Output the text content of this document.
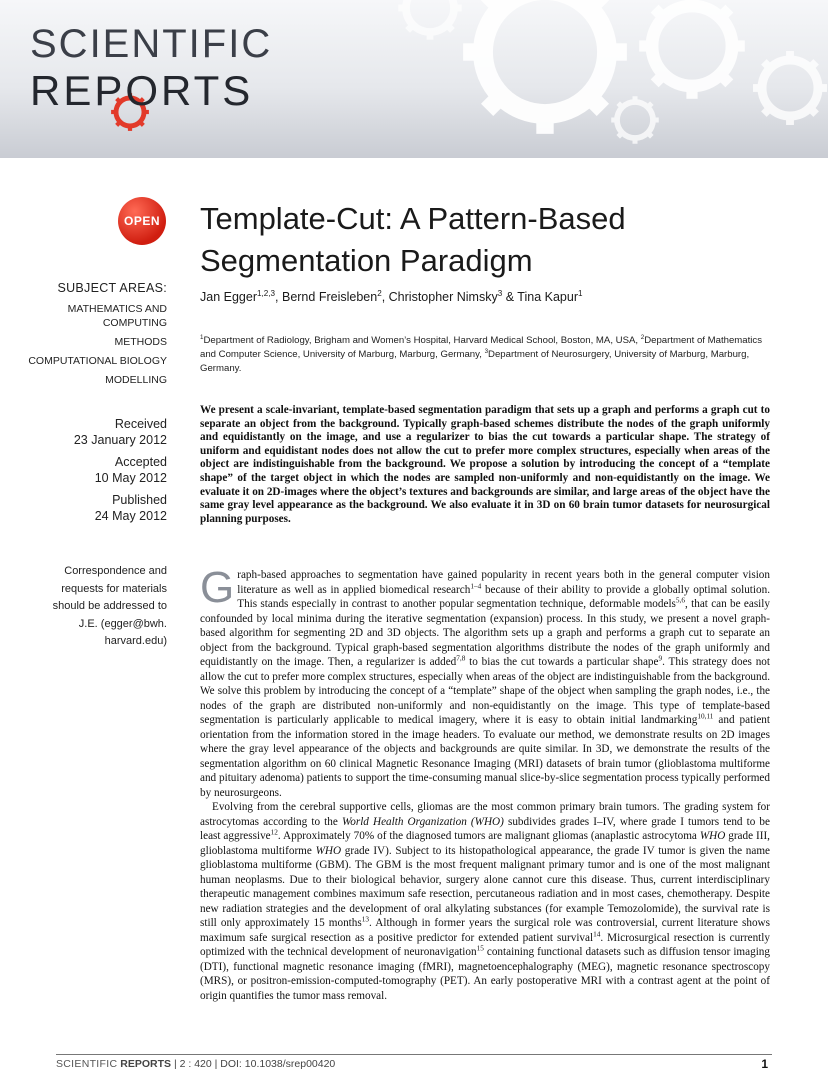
SCIENTIFIC
REPORTS
OPEN
SUBJECT AREAS:
MATHEMATICS AND COMPUTING
METHODS
COMPUTATIONAL BIOLOGY
MODELLING
Received
23 January 2012
Accepted
10 May 2012
Published
24 May 2012
Correspondence and
requests for materials
should be addressed to
J.E. (egger@bwh.
harvard.edu)
Template-Cut: A Pattern-Based
Segmentation Paradigm
Jan Egger$^{1,2,3}$, Bernd Freisleben$^2$, Christopher Nimsky$^3$ & Tina Kapur$^1$
$^1$Department of Radiology, Brigham and Women’s Hospital, Harvard Medical School, Boston, MA, USA, $^2$Department of Mathematics and Computer Science, University of Marburg, Marburg, Germany, $^3$Department of Neurosurgery, University of Marburg, Marburg, Germany.

We present a scale-invariant, template-based segmentation paradigm that sets up a graph and performs a graph cut to separate an object from the background. Typically graph-based schemes distribute the nodes of the graph uniformly and equidistantly on the image, and use a regularizer to bias the cut towards a particular shape. The strategy of uniform and equidistant nodes does not allow the cut to prefer more complex structures, especially when areas of the object are indistinguishable from the background. We propose a solution by introducing the concept of a “template shape” of the target object in which the nodes are sampled non-uniformly and non-equidistantly on the image. We evaluate it on 2D-images where the object’s textures and backgrounds are similar, and large areas of the object have the same gray level appearance as the background. We also evaluate it in 3D on 60 brain tumor datasets for neurosurgical planning purposes.

Graph-based approaches to segmentation have gained popularity in recent years both in the general computer vision literature as well as in applied biomedical research$^{1-4}$ because of their ability to provide a globally optimal solution. This stands especially in contrast to another popular segmentation technique, deformable models$^{5,6}$, that can be easily confounded by local minima during the iterative segmentation (expansion) process. In this study, we present a novel graph-based algorithm for segmenting 2D and 3D objects. The algorithm sets up a graph and performs a graph cut to separate an object from the background. Typical graph-based segmentation algorithms distribute the nodes of the graph uniformly and equidistantly on the image. Then, a regularizer is added$^{7,8}$ to bias the cut towards a particular shape$^9$. This strategy does not allow the cut to prefer more complex structures, especially when areas of the object are indistinguishable from the background. We solve this problem by introducing the concept of a “template” shape of the object when sampling the graph nodes, i.e., the nodes of the graph are distributed non-uniformly and non-equidistantly on the image. This type of template-based segmentation is particularly applicable to medical imagery, where it is easy to obtain initial landmarking$^{10,11}$ and patient orientation from the information stored in the image headers. To evaluate our method, we demonstrate results on 2D images where the gray level appearance of the objects and backgrounds are quite similar. In 3D, we demonstrate the results of the segmentation algorithm on 60 clinical Magnetic Resonance Imaging (MRI) datasets of brain tumor (glioblastoma multiforme and pituitary adenoma) patients to support the time-consuming manual slice-by-slice segmentation process typically performed by neurosurgeons.

Evolving from the cerebral supportive cells, gliomas are the most common primary brain tumors. The grading system for astrocytomas according to the World Health Organization (WHO) subdivides grades I–IV, where grade I tumors tend to be least aggressive$^{12}$. Approximately 70% of the diagnosed tumors are malignant gliomas (anaplastic astrocytoma WHO grade III, glioblastoma multiforme WHO grade IV). Subject to its histopathological appearance, the grade IV tumor is given the name glioblastoma multiforme (GBM). The GBM is the most frequent malignant primary tumor and is one of the most malignant human neoplasms. Due to their biological behavior, surgery alone cannot cure this disease. Thus, current interdisciplinary therapeutic management combines maximum safe resection, percutaneous radiation and in most cases, chemotherapy. Despite new radiation strategies and the development of oral alkylating substances (for example Temozolomide), the survival rate is still only approximately 15 months$^{13}$. Although in former years the surgical role was controversial, current literature shows maximum safe surgical resection as a positive predictor for extended patient survival$^{14}$. Microsurgical resection is currently optimized with the technical development of neuronavigation$^{15}$ containing functional datasets such as diffusion tensor imaging (DTI), functional magnetic resonance imaging (fMRI), magnetoencephalography (MEG), magnetic resonance spectroscopy (MRS), or positron-emission-computed-tomography (PET). An early postoperative MRI with a contrast agent at the point of origin quantifies the tumor mass removal.

SCIENTIFIC REPORTS | 2 : 420 | DOI: 10.1038/srep00420	1
